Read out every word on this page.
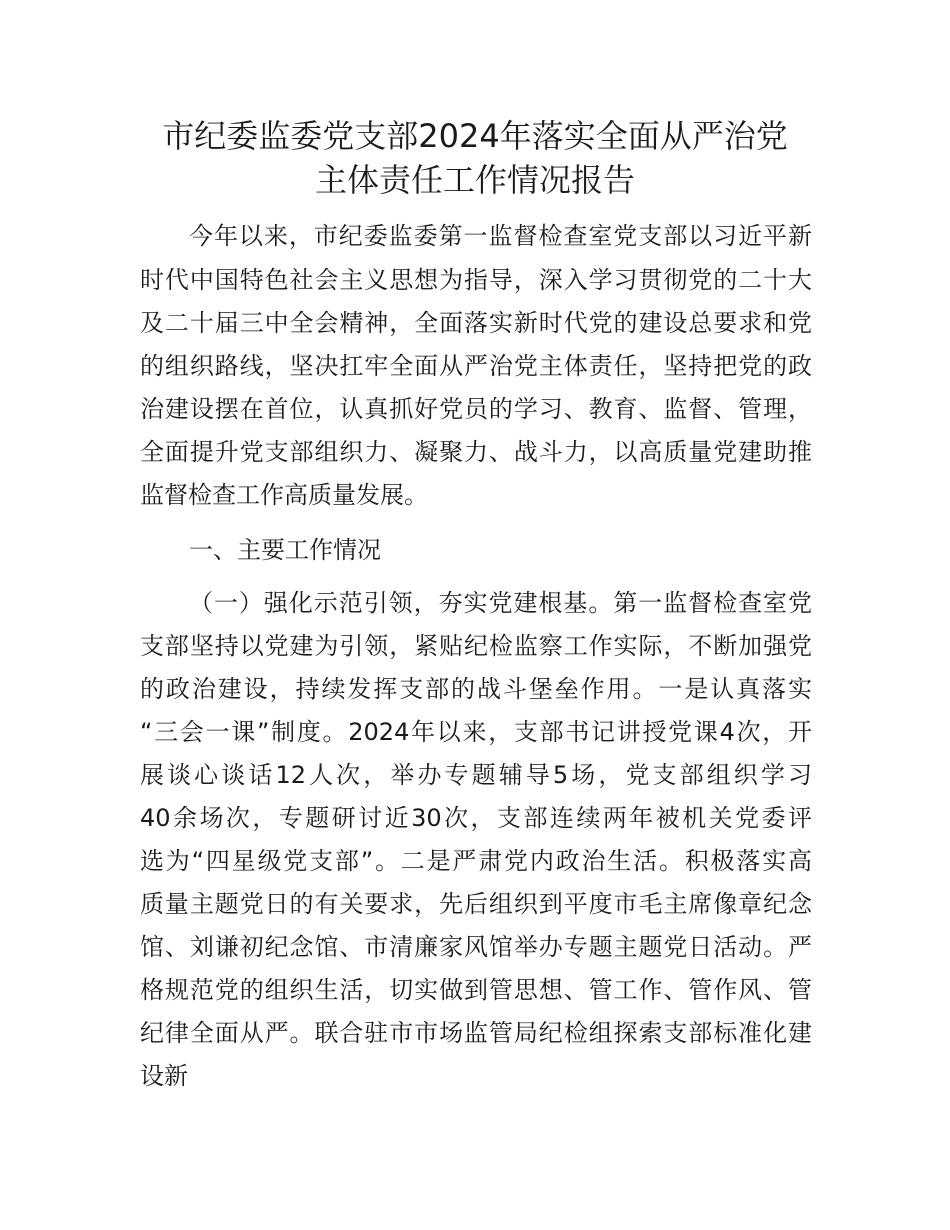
市纪委监委党支部2024年落实全面从严治党
主体责任工作情况报告

今年以来，市纪委监委第一监督检查室党支部以习近平新

时代中国特色社会主义思想为指导，深入学习贯彻党的二十大

及二十届三中全会精神，全面落实新时代党的建设总要求和党

的组织路线，坚决扛牢全面从严治党主体责任，坚持把党的政

治建设摆在首位，认真抓好党员的学习、教育、监督、管理，

全面提升党支部组织力、凝聚力、战斗力，以高质量党建助推

监督检查工作高质量发展。

一、主要工作情况

（一）强化示范引领，夯实党建根基。第一监督检查室党

支部坚持以党建为引领，紧贴纪检监察工作实际，不断加强党

的政治建设，持续发挥支部的战斗堡垒作用。一是认真落实

“三会一课”制度。2024年以来，支部书记讲授党课4次，开

展谈心谈话12人次，举办专题辅导5场，党支部组织学习

40余场次，专题研讨近30次，支部连续两年被机关党委评

选为“四星级党支部”。二是严肃党内政治生活。积极落实高

质量主题党日的有关要求，先后组织到平度市毛主席像章纪念

馆、刘谦初纪念馆、市清廉家风馆举办专题主题党日活动。严

格规范党的组织生活，切实做到管思想、管工作、管作风、管

纪律全面从严。联合驻市市场监管局纪检组探索支部标准化建

设新
